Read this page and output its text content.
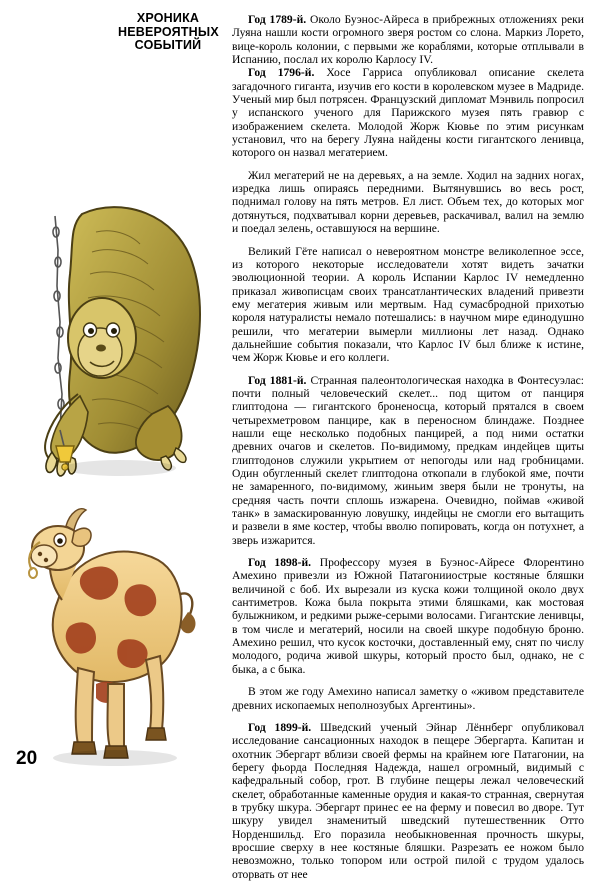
ХРОНИКА НЕВЕРОЯТНЫХ СОБЫТИЙ

Год 1789-й. Около Буэнос-Айреса в прибрежных отложениях реки Луяна нашли кости огромного зверя ростом со слона. Маркиз Лорето, вице-король колонии, с первыми же кораблями, которые отплывали в Испанию, послал их королю Карлосу IV.

Год 1796-й. Хосе Гарриса опубликовал описание скелета загадочного гиганта, изучив его кости в королевском музее в Мадриде. Ученый мир был потрясен. Французский дипломат Мэнвиль попросил у испанского ученого для Парижского музея пять гравюр с изображением скелета. Молодой Жорж Кювье по этим рисункам установил, что на берегу Луяна найдены кости гигантского ленивца, которого он назвал мегатерием.

Жил мегатерий не на деревьях, а на земле. Ходил на задних ногах, изредка лишь опираясь передними. Вытянувшись во весь рост, поднимал голову на пять метров. Ел лист. Объем тех, до которых мог дотянуться, подхватывал корни деревьев, раскачивал, валил на землю и поедал зелень, оставшуюся на вершине.

Великий Гёте написал о невероятном монстре великолепное эссе, из которого некоторые исследователи хотят видеть зачатки эволюционной теории. А король Испании Карлос IV немедленно приказал живописцам своих трансатлантических владений привезти ему мегатерия живым или мертвым. Над сумасбродной прихотью короля натуралисты немало потешались: в научном мире единодушно решили, что мегатерии вымерли миллионы лет назад. Однако дальнейшие события показали, что Карлос IV был ближе к истине, чем Жорж Кювье и его коллеги.

Год 1881-й. Странная палеонтологическая находка в Фонтесуэлас: почти полный человеческий скелет... под щитом от панциря глиптодона — гигантского броненосца, который прятался в своем четырехметровом панцире, как в переносном блиндаже. Позднее нашли еще несколько подобных панцирей, а под ними остатки древних очагов и скелетов. По-видимому, предкам индейцев щиты глиптодонов служили укрытием от непогоды или над гробницами. Один обугленный скелет глиптодона откопали в глубокой яме, почти не замаренного, по-видимому, жиньим зверя были не тронуты, на средняя часть почти сплошь изжарена. Очевидно, поймав «живой танк» в замаскированную ловушку, индейцы не смогли его вытащить и развели в яме костер, чтобы вволю попировать, когда он потухнет, а зверь изжарится.

Год 1898-й. Профессору музея в Буэнос-Айресе Флорентино Амехино привезли из Южной Патагонииострые костяные бляшки величиной с боб. Их вырезали из куска кожи толщиной около двух сантиметров. Кожа была покрыта этими бляшками, как мостовая булыжником, и редкими рыже-серыми волосами. Гигантские ленивцы, в том числе и мегатерий, носили на своей шкуре подобную броню. Амехино решил, что кусок косточки, доставленный ему, снят по числу молодого, родича живой шкуры, который просто был, однако, не с быка, а с быка.

В этом же году Амехино написал заметку о «живом представителе древних ископаемых неполнозубых Аргентины».

Год 1899-й. Шведский ученый Эйнар Лённберг опубликовал исследование сансационных находок в пещере Эбергарта. Капитан и охотник Эбергарт вблизи своей фермы на крайнем юге Патагонии, на берегу фьорда Последняя Надежда, нашел огромный, видимый с кафедральный собор, грот. В глубине пещеры лежал человеческий скелет, обработанные каменные орудия и какая-то странная, свернутая в трубку шкура. Эбергарт принес ее на ферму и повесил во дворе. Тут шкуру увидел знаменитый шведский путешественник Отто Норденшильд. Его поразила необыкновенная прочность шкуры, вросшие сверху в нее костяные бляшки. Разрезать ее ножом было невозможно, только топором или острой пилой с трудом удалось оторвать от нее

20
